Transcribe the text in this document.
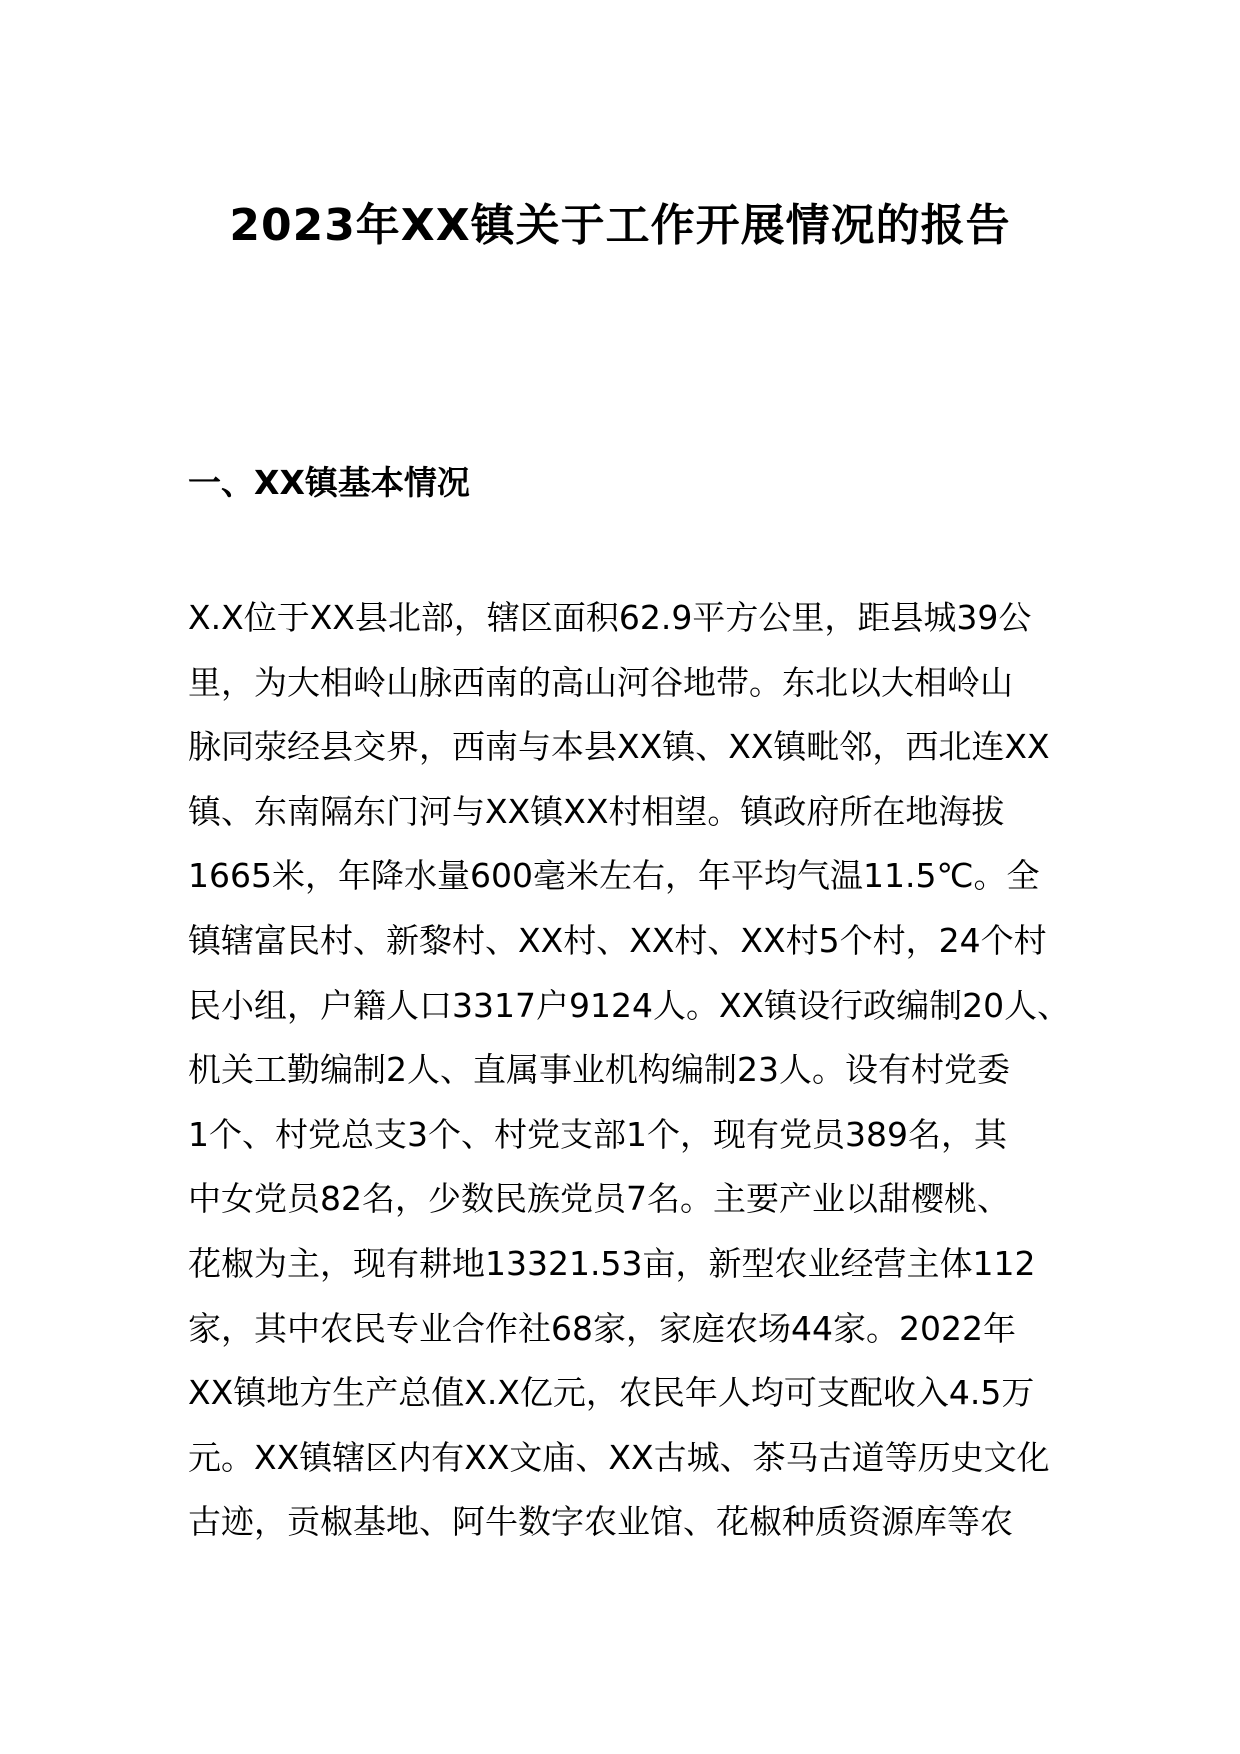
2023年XX镇关于工作开展情况的报告
一、XX镇基本情况
X.X位于XX县北部，辖区面积62.9平方公里，距县城39公
里，为大相岭山脉西南的高山河谷地带。东北以大相岭山
脉同荥经县交界，西南与本县XX镇、XX镇毗邻，西北连XX
镇、东南隔东门河与XX镇XX村相望。镇政府所在地海拔
1665米，年降水量600毫米左右，年平均气温11.5℃。全
镇辖富民村、新黎村、XX村、XX村、XX村5个村，24个村
民小组，户籍人口3317户9124人。XX镇设行政编制20人、
机关工勤编制2人、直属事业机构编制23人。设有村党委
1个、村党总支3个、村党支部1个，现有党员389名，其
中女党员82名，少数民族党员7名。主要产业以甜樱桃、
花椒为主，现有耕地13321.53亩，新型农业经营主体112
家，其中农民专业合作社68家，家庭农场44家。2022年
XX镇地方生产总值X.X亿元，农民年人均可支配收入4.5万
元。XX镇辖区内有XX文庙、XX古城、茶马古道等历史文化
古迹，贡椒基地、阿牛数字农业馆、花椒种质资源库等农
